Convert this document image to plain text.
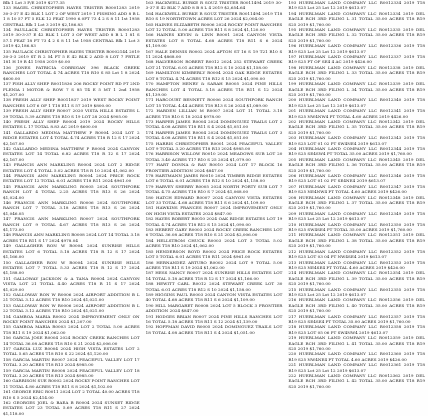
Blk 1 Lot 3 F/E 2019 $277.35

133 HAGEL CHRISTOPHER HAYES TRISTER R0001283 2019 30-3-37 E 42 BLK 1 LOT 2 OF WEST 2019 1 FISHING ADD 8 B L 1 8 10 57 FT 5 ELK 12 FEAT 1990 6.0FT 73 4 2 S 8 11 1st 1958 CENTRAL Blk 1 Lot 3 2019 $2,186.83

134 PAULLACK CHRISTOPHER HAYES TRISTER R0001283 2019 30-3-37 E 42 BLK 1 LOT 3 OF WEST ADD 8 B L 1 81 S 57.1 FEAT 18 FT 73 4 2 S 8 11 1st 1958 CENTRAL Blk 1 Lot 3 2019 $2,186.83

135 PAULACK CHRISTOPHER HAYES TRISTER R0002144 2019 30-3-3 2019 ST R 2 54 FT 5 E 42 BLK 2 ADD 8 LOT 7 FRTLE 181 H 19 R 41 1958 2019 $0.00

136 JONES PATRICIA CORRIGAN 396 BLACK GREEK RANCHES LOT TOTAL 4 74 ACRES T18 R10 S 85 Lot 1 8 2024 $600.00

137 FISH ALLY SHEP R0011836 206 ROCKY POINT RD PT 2ND FLENIA I MOTOR & ROW 7 S 85 T4 E 5 MT 1 2nd 1958 $1,207.00

138 FRESH ALLY SHEP R0011837 2019 WEST ROCKY POINT RANCHES LOT 6 OF 1 T18 E11 S 57 2019 $800.00

139 FRESH ALLY SHEP R0007 2020 VISTA HILLS ESTATES L 39 TOTAL 5.39 ACRES T18 R10 S 19 LOT 28 2024 $905.00

140 FRESH ALLY SHEP R0004 2019 2024 ROCKY HILLS ESTATES L 17 TOTAL 8.83 AC 2019 $600.00

141 GALLARDO MEDINA MATTHEW P R0004 2024 LOT 2 RIDGE ESTATES LOT 4 TOTAL 4.74 ACRES T18 R 12 S 17 2024 $2,167.00

142 GALLARDO MEDINA MATTHEW P R0004 2024 CANYON ESTATES LOT 14 TOTAL 6.82 ACRES T18 R 12 S 17 2024 $2,167.00

143 FRANCIS ANN MARKLING R0004 2024 LOT 2 RIDGE ESTATES LOT 4 TOTAL 5.02 ACRES T18 R 10 2024 $1,062.00

144 FRANCIS ANN MARKLING R0004 2024 PRICE ROCK ESTATES LOT 12 TOTAL 6.01 ACRES T18 R11 2024 $961.00

145 FRANCIS ANN MARKLING R0005 2024 SOUTHFORK RANCH LOT 4 TOTAL 2.25 ACRES T18 R13 S 26 2024 $1,024.00

146 FRANCIS ANN MARKLING R0006 2024 SOUTHFORK RANCH LOT 7 TOTAL 3.18 ACRES T18 R13 S 26 2024 $1,046.05

147 FRANCIS ANN MARKLING R0007 2024 SOUTHFORK RANCH LOT 9 TOTAL 4.67 ACRES T18 R13 S 26 2024 $1,173.00

148 FRANCIS ANN MARKLING R0008 2024 LOT 14 TOTAL 3.18 ACRES T18 R11 S 17 2024 $978.04

149 GALLAGHER RON W R0004 2024 SUNRISE HILLS ESTATES LOT 6 TOTAL 5.18 ACRES T18 R 12 S 17 2024 $1,166.00

150 GALLAGHER RON W R0004 2024 SUNRISE HILLS ESTATES LOT 7 TOTAL 5.33 ACRES T18 R 12 S 17 2024 $1,188.00

151 GALLOWAY JACKSON & A TANA R0004 2024 CANYON VISTA LOT 21 TOTAL 4.40 ACRES T18 R 11 S 17 2024 $1,029.00

152 GALLOWAY RON W R0006 2024 AIRPORT ADDITION B L 21 TOTAL 3.12 ACRES T18 R10 2024 $1,021.00

153 GALLOWAY RON W R0006 2024 AIRPORT ADDITION B L 22 TOTAL 3.12 ACRES T18 R10 2024 $1,021.00

154 GAMBOA MARIA R0002 2024 IMPROVEMENT ONLY ON ROCKY POINT RANCHES 2024 $1,207.00

155 GAMBOA MARIA R0003 2024 LOT 2 TOTAL 5.00 ACRES T18 R11 S 19 2024 $1,062.00

156 GARCIA JOSE R0004 2024 ROCKY CREEK RANCHES LOT 14 TOTAL 36.08 ACRES T18 R10 S 21 2024 $2,006.00

157 GARCIA LUZ R0004 2024 HIGH VISTA ESTATES LOT 2 TOTAL 5.65 ACRES T18 R10 S 22 2024 $1,120.00

158 GARCIA MARTIN R0007 2024 PEACEFUL VALLEY LOT 17 TOTAL 3.20 ACRES T18 R13 2024 $985.00

159 GARCIA MARTIN R0008 2024 PEACEFUL VALLEY LOT 18 TOTAL 3.20 ACRES T18 R13 2024 $985.00

160 GARRISON SUE R0002 2024 ROCKY POINT RANCHES LOT 11 TOTAL 4.80 ACRES T18 R11 S 8 2024 $1,102.00

161 GEORGE ERIC R0011 2024 LOT 2 TOTAL 40.00 ACRES T18 R10 S 5 2024 $2,414.00

162 GEORGES JOEL & BAEA B R0004 2024 SUNSET RIDGE ESTATES LOT 23 TOTAL 5.69 ACRES T18 R11 S 27 2024 $1,118.00

163 HACKWELL BURKE R SOUZ TRISTER R0011494 2019 30-3-37 E 42 BLK 7 ADD 8 B 8 L 4 2019 $2,654.64

164 HACKWELL BURKE R SOUZ TRISTER R0011494 2019 T18 R10 S 19 NORTHTOWN ACRES LOT 26 2024 $2,004.00

165 HAINES ELIZABETH R0006 2024 ROCKY POINT RANCHES LOT 12 TOTAL 5.00 ACRES T18 R11 S 8 2024 $1,120.00

166 HAINES KEVIN & LINN R0001 2024 CANYON VISTA ESTATES LOT 8 TOTAL 4.68 ACRES T18 R11 S 6 2024 $1,109.00

167 HALE DENNIS R0002 2024 AFTON ST 16 S 19 T21 R10 S 11 2024 $868.00

168 HALVERSON ROBERT R0012 2024 252 STEWART CREEK LOT 21 TOTAL 6.01 ACRES T18 R12 S 10 2024 $1,158.00

169 HAMILTON KIMBERLY R0004 2024 OAK RIDGE ESTATES LOT 8 TOTAL 4.74 ACRES T18 R12 S 15 2024 $1,090.00

170 HAMPTON HENRY & SARAH R0005 2024 PINE HILLS RANCHES LOT 4 TOTAL 5.18 ACRES T18 R11 S 12 2024 $1,139.00

171 HARCOURT BENNETT R0006 2024 SOUTHFORK RANCH LOT 15 TOTAL 4.44 ACRES T18 R13 S 26 2024 $1,089.00

172 HARDEN LILLIAN M R0007 2024 LOT 11 TOTAL 3.18 ACRES T18 R10 S 18 2024 $978.00

173 HARPER JAMES R0004 2024 DOMINGUEZ TRAILS LOT 2 TOTAL 4.08 ACRES T18 R11 S 4 2024 $1,051.00

174 HARPER JAMES R0004 2024 DOMINGUEZ TRAILS LOT 3 TOTAL 4.08 ACRES T18 R11 S 4 2024 $1,051.00

175 HARRIS CHRISTOPHER R0001 2024 PEACEFUL VALLEY LOT 9 TOTAL 3.20 ACRES T18 R13 2024 $985.00

176 HARRISON WILLOW R0010 2024 MEADOWS SUB LOT 20 TOTAL 3.40 ACRES T17 R10 S 25 2024 $1,079.00

177 HART DONNA & RAY R0010 2024 LOT 17 BLOCK 16 FRONTIER ADDITION 2024 $847.00

178 HARTMANN JAMES R0010 2024 TIMBER RIDGE ESTATES LOT 6 TOTAL 6.01 ACRES T18 R12 S 10 2024 $1,158.00

179 HARVEY SHERRY R0005 2024 NORTH FORTY SUB LOT 7 TOTAL 4.75 ACRES T18 R10 S 7 2024 $1,068.00

180 HATCH EDWARD R0007 2024 CANYON VISTA ESTATES LOT 33 TOTAL 4.68 ACRES T18 R11 S 6 2024 $1,109.00

181 HAWKINS FRANCES R0007 2024 IMPROVEMENT ONLY ON HIGH VISTA ESTATES 2024 $847.00

182 HAYES ROBERT R0010 2024 OAK RIDGE ESTATES LOT 19 TOTAL 4.74 ACRES T18 R12 S 15 2024 $1,090.00

183 HEBERT GARY R0003 2024 ROCKY CREEK RANCHES LOT 6 TOTAL 36.08 ACRES T18 R10 S 21 2024 $2,006.00

184 HELLSTROM CHUCK R0003 2024 LOT 3 TOTAL 5.02 ACRES T18 R10 2024 $1,062.00

185 HENDERSON BOYD R0002 2024 PRICE ROCK ESTATES LOT 5 TOTAL 6.01 ACRES T18 R11 2024 $961.00

186 HERNANDEZ ARTURO R0002 2024 LOT 9 TOTAL 5.00 ACRES T18 R11 S 19 2024 $1,062.00

187 HESS NANCY R0007 2024 SUNRISE HILLS ESTATES LOT 14 TOTAL 5.18 ACRES T18 R 12 S 17 2024 $1,166.00

188 HEWITT CARL R0012 2024 STEWART CREEK LOT 30 TOTAL 6.01 ACRES T18 R12 S 10 2024 $1,158.00

189 HIGGINS PAUL R0003 2024 CANYON VISTA ESTATES LOT 40 TOTAL 4.68 ACRES T18 R11 S 6 2024 $1,109.00

190 HILL MARGARET R0008 2024 LOT 5 BLOCK 3 FRONTIER ADDITION 2024 $847.00

191 HODGES BRIAN R0007 2024 PINE HILLS RANCHES LOT 16 TOTAL 5.18 ACRES T18 R11 S 12 2024 $1,139.00

192 HOFFMAN DAVID R0005 2024 DOMINGUEZ TRAILS LOT 18 TOTAL 4.08 ACRES T18 R11 S 4 2024 $1,051.00

193 HUERLMAN LAND COMPANY LLC R0012334 2019 T18 R19 S25 Lot 25 Lot 12 2019 $613.07

194 HUERLMAN LAND COMPANY LLC R0012334 2019 DEL EAGLE RCH 3RD FILING L 31 TOTAL 35.00 ACRES T18 R19 S25 2019 $1,760.00

195 HUERLMAN LAND COMPANY LLC R0012335 2019 DEL EAGLE RCH 3RD FILING L 32 TOTAL 35.00 ACRES T18 R19 S25 2019 $1,760.00

196 HUERLMAN LAND COMPANY LLC R0012336 2019 T18 R19 S25 Lot 25 Lot 12 2019 $613.07

197 HUERLMAN LAND COMPANY LLC R0012337 2019 T18 R19 S25 PT OF SE4 4 AC 2019 $426.00

198 HUERLMAN LAND COMPANY LLC R0012338 2019 DEL EAGLE RCH 3RD FILING L 33 TOTAL 35.00 ACRES T18 R19 S25 2019 $1,760.00

199 HUERLMAN LAND COMPANY LLC R0012339 2019 DEL EAGLE RCH 3RD FILING L 34 TOTAL 35.00 ACRES T18 R19 S25 2019 $1,760.00

200 HUERLMAN LAND COMPANY LLC R0012340 2019 T18 R19 S25 Lot 25 Lot 12 2019 $613.07

201 HUERLMAN LAND COMPANY LLC R0012341 2019 T18 R19 S25 NW4NW4 PT TOTAL 4.60 ACRES 2019 $426.00

202 HUERLMAN LAND COMPANY LLC R0012342 2019 DEL EAGLE RCH 3RD FILING L 35 TOTAL 35.00 ACRES T18 R19 S25 2019 $1,760.00

203 HUERLMAN LAND COMPANY LLC R0012343 2019 T18 R19 S25 LOT 01 02 PT SW4NE4 2019 $613.07

204 HUERLMAN LAND COMPANY LLC R0012344 2019 T18 R19 S25 SE4SW4 PT TOTAL 35.00 ACRES 2019 $1,760.00

205 HUERLMAN LAND COMPANY LLC R0012345 2019 DEL EAGLE RCH 3RD FILING L 36 TOTAL 35.00 ACRES T18 R19 S25 2019 $1,760.00

206 HUERLMAN LAND COMPANY LLC R0012346 2019 T18 R19 S25 LOT 01 02 PT SE4NE4 2019 $613.07

207 HUERLMAN LAND COMPANY LLC R0012347 2019 T18 R19 S25 NE4NW4 PT TOTAL 4.60 ACRES 2019 $426.00

208 HUERLMAN LAND COMPANY LLC R0012348 2019 DEL EAGLE RCH 3RD FILING L 37 TOTAL 35.00 ACRES T18 R19 S25 2019 $1,760.00

209 HUERLMAN LAND COMPANY LLC R0012349 2019 T18 R19 S25 Lot 25 Lot 12 2019 $613.07

210 HUERLMAN LAND COMPANY LLC R0012350 2019 T18 R19 S25 SW4SE4 PT TOTAL 35.00 ACRES 2019 $1,760.00

211 HUERLMAN LAND COMPANY LLC R0012351 2019 DEL EAGLE RCH 3RD FILING L 38 TOTAL 35.00 ACRES T18 R19 S25 2019 $1,760.00

212 HUERLMAN LAND COMPANY LLC R0012352 2019 T18 R19 S25 LOT 03 04 PT NW4SE4 2019 $613.07

213 HUERLMAN LAND COMPANY LLC R0012353 2019 T18 R19 S25 NE4SE4 PT TOTAL 4.60 ACRES 2019 $426.00

214 HUERLMAN LAND COMPANY LLC R0012354 2019 DEL EAGLE RCH 3RD FILING L 39 TOTAL 35.00 ACRES T18 R19 S25 2019 $1,760.00

215 HUERLMAN LAND COMPANY LLC R0012355 2019 T18 R19 S25 Lot 25 Lot 12 2019 $613.07

216 HUERLMAN LAND COMPANY LLC R0012356 2019 DEL EAGLE RCH 3RD FILING L 40 TOTAL 35.00 ACRES T18 R19 S25 2019 $1,760.00

217 HUERLMAN LAND COMPANY LLC R0012357 2019 T18 R19 S25 SE4SE4 PT TOTAL 35.00 ACRES 2019 $1,760.00

218 HUERLMAN LAND COMPANY LLC R0012358 2019 T18 R19 S25 LOT 05 06 PT SW4NW4 2019 $613.07

219 HUERLMAN LAND COMPANY LLC R0012359 2019 DEL EAGLE RCH 3RD FILING L 41 TOTAL 35.00 ACRES T18 R19 S25 2019 $1,760.00

220 HUERLMAN LAND COMPANY LLC R0012360 2019 T18 R19 S25 NW4NE4 PT TOTAL 4.60 ACRES 2019 $426.00

221 HUERLMAN LAND COMPANY LLC R0012361 2019 T18 R19 S25 Lot 25 Lot 12 2019 $613.07

222 HUERLMAN LAND COMPANY LLC R0012362 2019 DEL EAGLE RCH 3RD FILING L 42 TOTAL 35.00 ACRES T18 R19 S25 2019 $1,760.00
